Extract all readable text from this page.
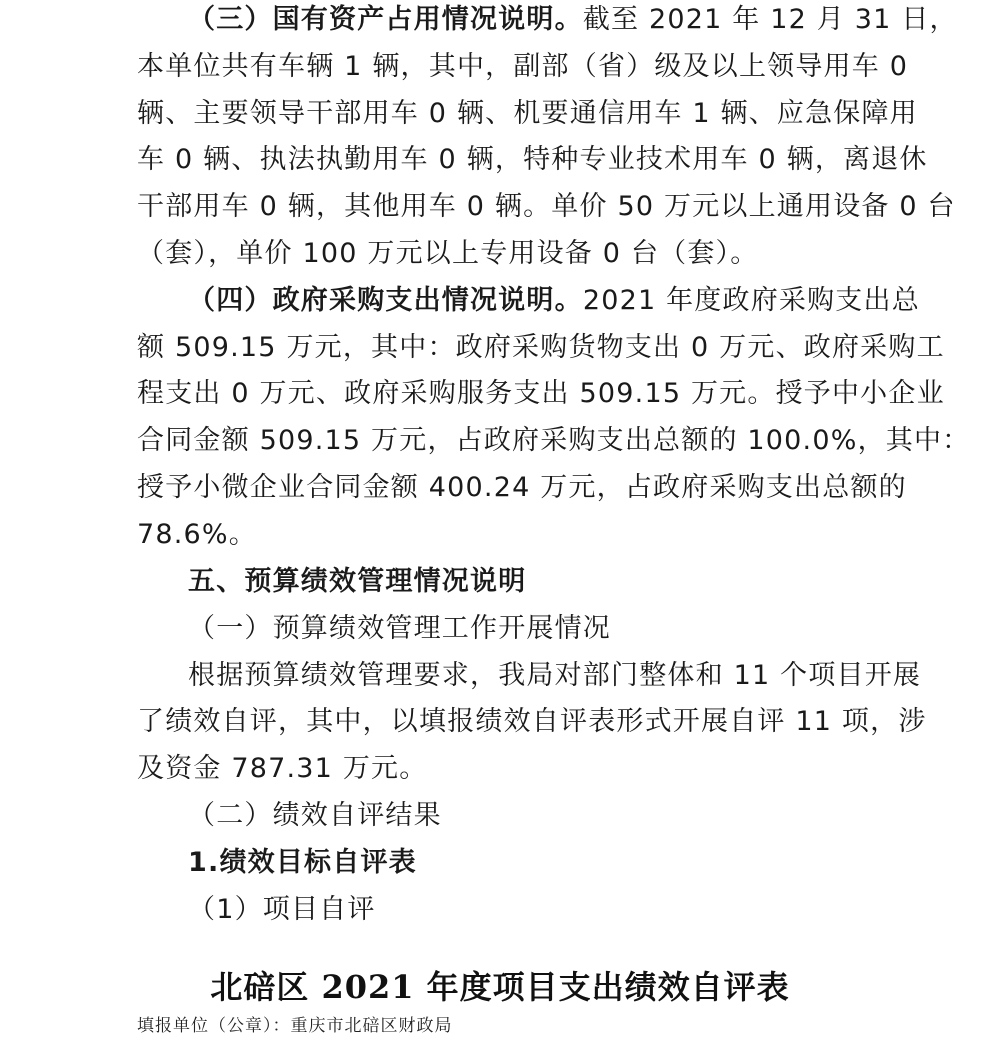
（三）国有资产占用情况说明。截至 2021 年 12 月 31 日，
本单位共有车辆 1 辆，其中，副部（省）级及以上领导用车 0
辆、主要领导干部用车 0 辆、机要通信用车 1 辆、应急保障用
车 0 辆、执法执勤用车 0 辆，特种专业技术用车 0 辆，离退休
干部用车 0 辆，其他用车 0 辆。单价 50 万元以上通用设备 0 台
（套），单价 100 万元以上专用设备 0 台（套）。
（四）政府采购支出情况说明。2021 年度政府采购支出总
额 509.15 万元，其中：政府采购货物支出 0 万元、政府采购工
程支出 0 万元、政府采购服务支出 509.15 万元。授予中小企业
合同金额 509.15 万元，占政府采购支出总额的 100.0%，其中：
授予小微企业合同金额 400.24 万元，占政府采购支出总额的
78.6%。
五、预算绩效管理情况说明
（一）预算绩效管理工作开展情况
根据预算绩效管理要求，我局对部门整体和 11 个项目开展
了绩效自评，其中，以填报绩效自评表形式开展自评 11 项，涉
及资金 787.31 万元。
（二）绩效自评结果
1.绩效目标自评表
（1）项目自评
北碚区 2021 年度项目支出绩效自评表
填报单位（公章）：重庆市北碚区财政局
